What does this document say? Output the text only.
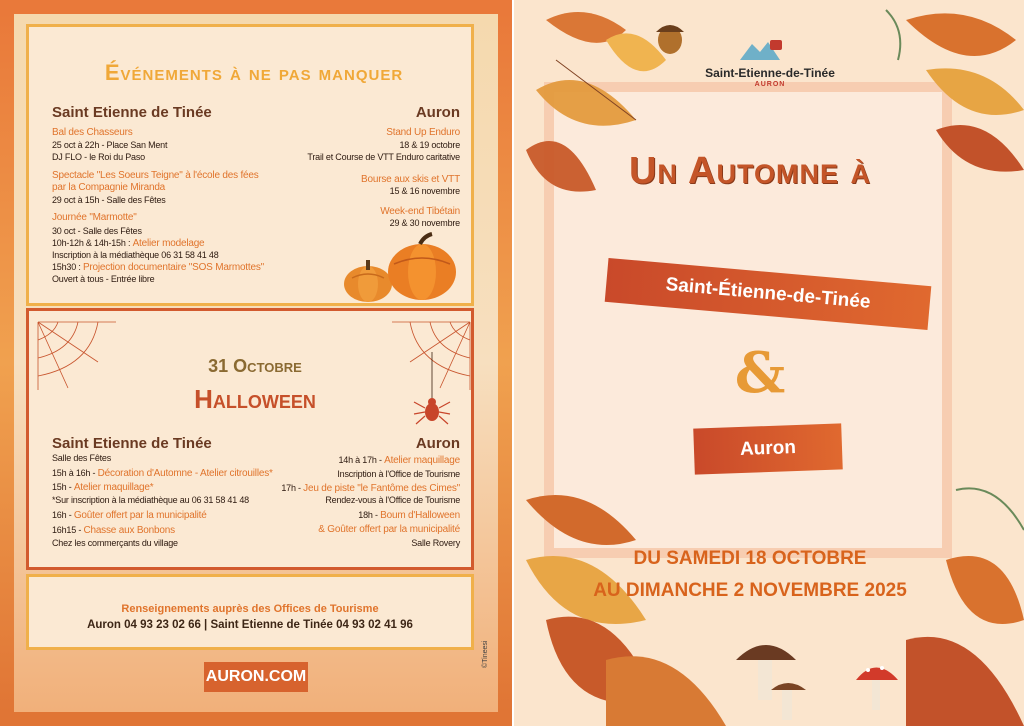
Événements à ne pas manquer
Saint Etienne de Tinée	Auron
Bal des Chasseurs
25 oct à 22h - Place San Ment
DJ FLO - le Roi du Paso
Spectacle "Les Soeurs Teigne" à l'école des fées
par la Compagnie Miranda
29 oct à 15h - Salle des Fêtes
Journée "Marmotte"
30 oct - Salle des Fêtes
10h-12h & 14h-15h : Atelier modelage
Inscription à la médiathèque 06 31 58 41 48
15h30 : Projection documentaire "SOS Marmottes"
Ouvert à tous - Entrée libre
Stand Up Enduro
18 & 19 octobre
Trail et Course de VTT Enduro caritative
Bourse aux skis et VTT
15 & 16 novembre
Week-end Tibétain
29 & 30 novembre
31 Octobre
Halloween
Saint Etienne de Tinée	Auron
Salle des Fêtes
15h à 16h - Décoration d'Automne - Atelier citrouilles*
15h - Atelier maquillage*
*Sur inscription à la médiathèque au 06 31 58 41 48
16h - Goûter offert par la municipalité
16h15 - Chasse aux Bonbons
Chez les commerçants du village
14h à 17h - Atelier maquillage
Inscription à l'Office de Tourisme
17h - Jeu de piste "le Fantôme des Cimes"
Rendez-vous à l'Office de Tourisme
18h - Boum d'Halloween
& Goûter offert par la municipalité
Salle Rovery
Renseignements auprès des Offices de Tourisme
Auron 04 93 23 02 66 | Saint Etienne de Tinée 04 93 02 41 96
AURON.COM
©Tineesi
Saint-Etienne-de-Tinée
AURON
Un Automne à
Saint-Étienne-de-Tinée
&
Auron
DU SAMEDI 18 OCTOBRE
AU DIMANCHE 2 NOVEMBRE 2025
